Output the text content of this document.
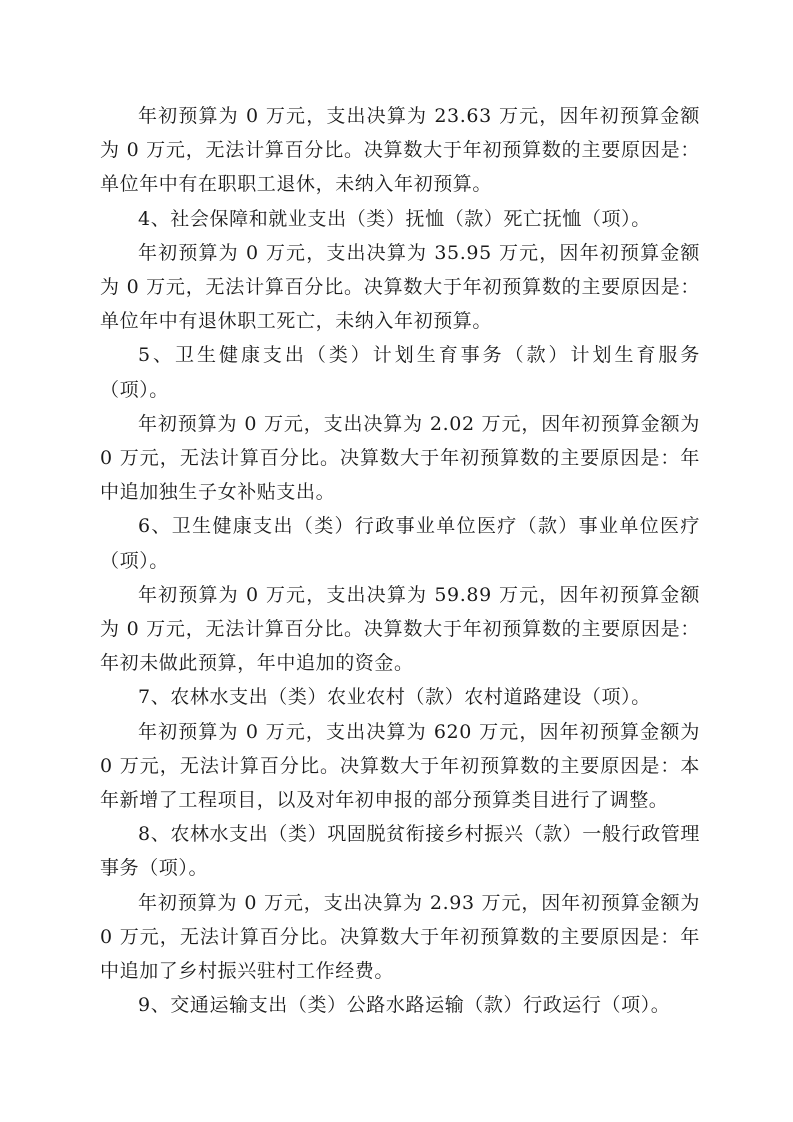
年初预算为 0 万元，支出决算为 23.63 万元，因年初预算金额为 0 万元，无法计算百分比。决算数大于年初预算数的主要原因是：单位年中有在职职工退休，未纳入年初预算。

4、社会保障和就业支出（类）抚恤（款）死亡抚恤（项）。

年初预算为 0 万元，支出决算为 35.95 万元，因年初预算金额为 0 万元，无法计算百分比。决算数大于年初预算数的主要原因是：单位年中有退休职工死亡，未纳入年初预算。

5、卫生健康支出（类）计划生育事务（款）计划生育服务（项）。

年初预算为 0 万元，支出决算为 2.02 万元，因年初预算金额为 0 万元，无法计算百分比。决算数大于年初预算数的主要原因是：年中追加独生子女补贴支出。

6、卫生健康支出（类）行政事业单位医疗（款）事业单位医疗（项）。

年初预算为 0 万元，支出决算为 59.89 万元，因年初预算金额为 0 万元，无法计算百分比。决算数大于年初预算数的主要原因是：年初未做此预算，年中追加的资金。

7、农林水支出（类）农业农村（款）农村道路建设（项）。

年初预算为 0 万元，支出决算为 620 万元，因年初预算金额为 0 万元，无法计算百分比。决算数大于年初预算数的主要原因是：本年新增了工程项目，以及对年初申报的部分预算类目进行了调整。

8、农林水支出（类）巩固脱贫衔接乡村振兴（款）一般行政管理事务（项）。

年初预算为 0 万元，支出决算为 2.93 万元，因年初预算金额为 0 万元，无法计算百分比。决算数大于年初预算数的主要原因是：年中追加了乡村振兴驻村工作经费。

9、交通运输支出（类）公路水路运输（款）行政运行（项）。
